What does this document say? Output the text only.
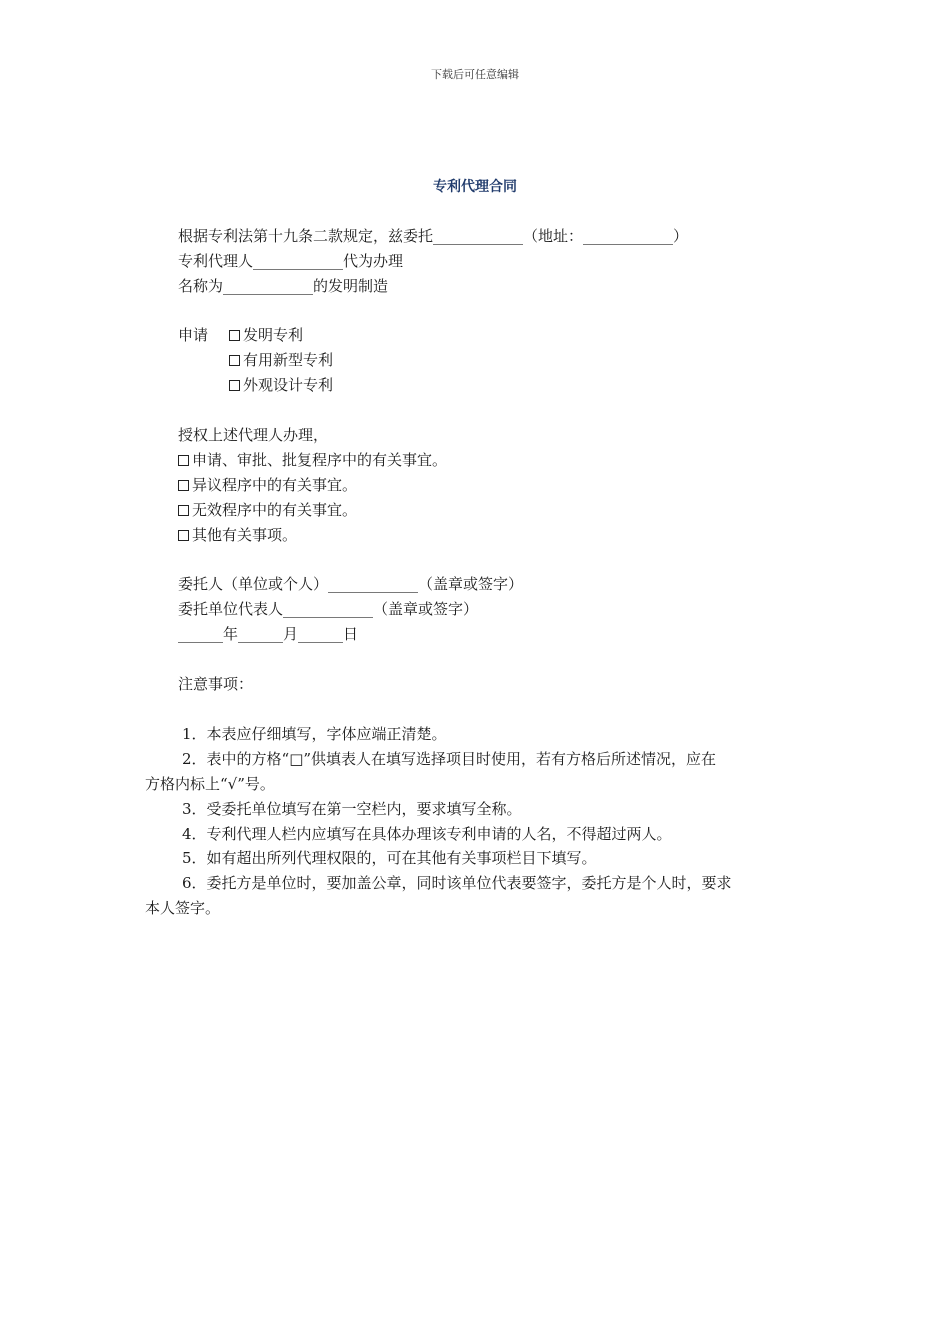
下载后可任意编辑
专利代理合同
根据专利法第十九条二款规定，兹委托____________（地址：____________）
专利代理人____________代为办理
名称为____________的发明制造
申请	发明专利
有用新型专利
外观设计专利
授权上述代理人办理，
申请、审批、批复程序中的有关事宜。
异议程序中的有关事宜。
无效程序中的有关事宜。
其他有关事项。
委托人（单位或个人）____________（盖章或签字）
委托单位代表人____________（盖章或签字）
______年______月______日
注意事项：
1．本表应仔细填写，字体应端正清楚。
2．表中的方格“□”供填表人在填写选择项目时使用，若有方格后所述情况，应在
方格内标上“√”号。
3．受委托单位填写在第一空栏内，要求填写全称。
4．专利代理人栏内应填写在具体办理该专利申请的人名，不得超过两人。
5．如有超出所列代理权限的，可在其他有关事项栏目下填写。
6．委托方是单位时，要加盖公章，同时该单位代表要签字，委托方是个人时，要求
本人签字。
